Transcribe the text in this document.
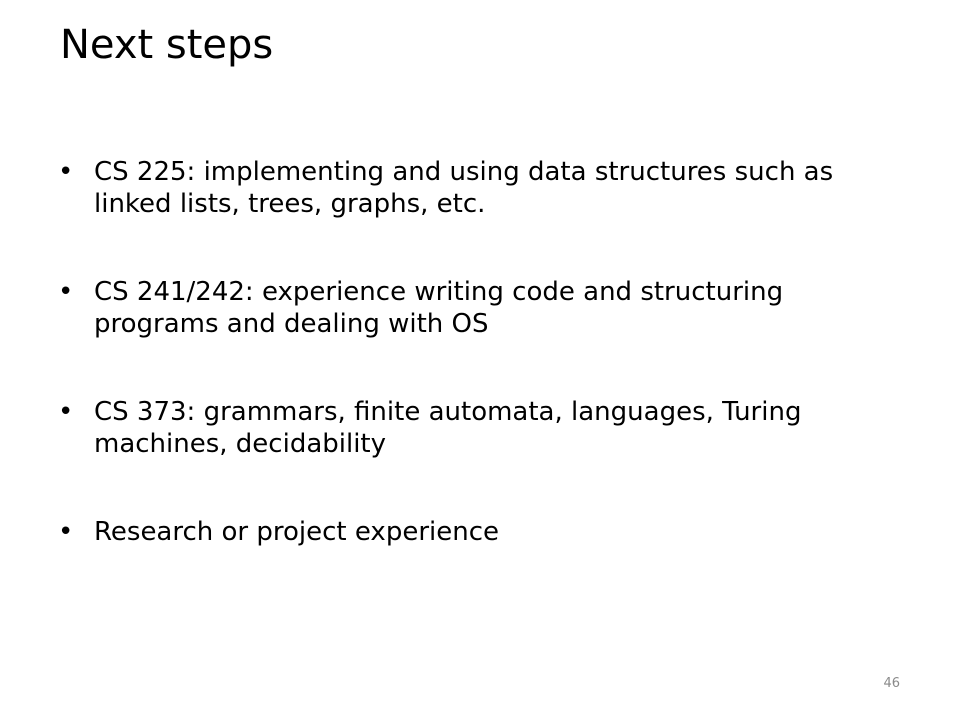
Next steps
• CS 225: implementing and using data structures such as linked lists, trees, graphs, etc.
• CS 241/242: experience writing code and structuring programs and dealing with OS
• CS 373: grammars, finite automata, languages, Turing machines, decidability
• Research or project experience
46
